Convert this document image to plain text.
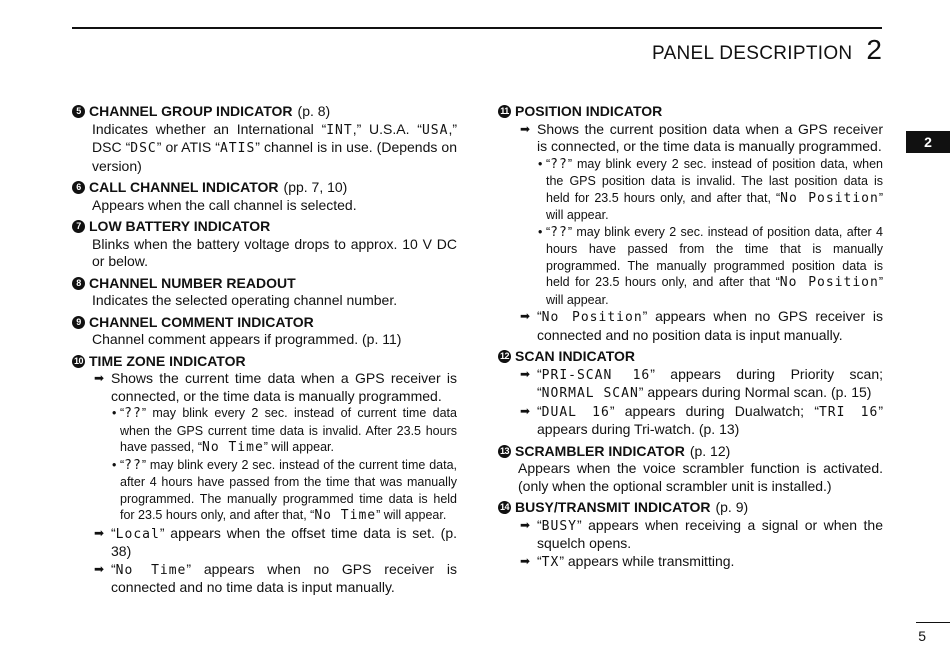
PANEL DESCRIPTION 2
2
5
5 CHANNEL GROUP INDICATOR (p. 8)
Indicates whether an International “INT,” U.S.A. “USA,” DSC “DSC” or ATIS “ATIS” channel is in use. (Depends on version)
6 CALL CHANNEL INDICATOR (pp. 7, 10)
Appears when the call channel is selected.
7 LOW BATTERY INDICATOR
Blinks when the battery voltage drops to approx. 10 V DC or below.
8 CHANNEL NUMBER READOUT
Indicates the selected operating channel number.
9 CHANNEL COMMENT INDICATOR
Channel comment appears if programmed. (p. 11)
10 TIME ZONE INDICATOR
➡ Shows the current time data when a GPS receiver is connected, or the time data is manually programmed.
• “??” may blink every 2 sec. instead of current time data when the GPS current time data is invalid. After 23.5 hours have passed, “No Time” will appear.
• “??” may blink every 2 sec. instead of the current time data, after 4 hours have passed from the time that was manually programmed. The manually programmed time data is held for 23.5 hours only, and after that, “No Time” will appear.
➡ “Local” appears when the offset time data is set. (p. 38)
➡ “No Time” appears when no GPS receiver is connected and no time data is input manually.
11 POSITION INDICATOR
➡ Shows the current position data when a GPS receiver is connected, or the time data is manually programmed.
• “??” may blink every 2 sec. instead of position data, when the GPS position data is invalid. The last position data is held for 23.5 hours only, and after that, “No Position” will appear.
• “??” may blink every 2 sec. instead of position data, after 4 hours have passed from the time that is manually programmed. The manually programmed position data is held for 23.5 hours only, and after that “No Position” will appear.
➡ “No Position” appears when no GPS receiver is connected and no position data is input manually.
12 SCAN INDICATOR
➡ “PRI-SCAN 16” appears during Priority scan; “NORMAL SCAN” appears during Normal scan. (p. 15)
➡ “DUAL 16” appears during Dualwatch; “TRI 16” appears during Tri-watch. (p. 13)
13 SCRAMBLER INDICATOR (p. 12)
Appears when the voice scrambler function is activated. (only when the optional scrambler unit is installed.)
14 BUSY/TRANSMIT INDICATOR (p. 9)
➡ “BUSY” appears when receiving a signal or when the squelch opens.
➡ “TX” appears while transmitting.
